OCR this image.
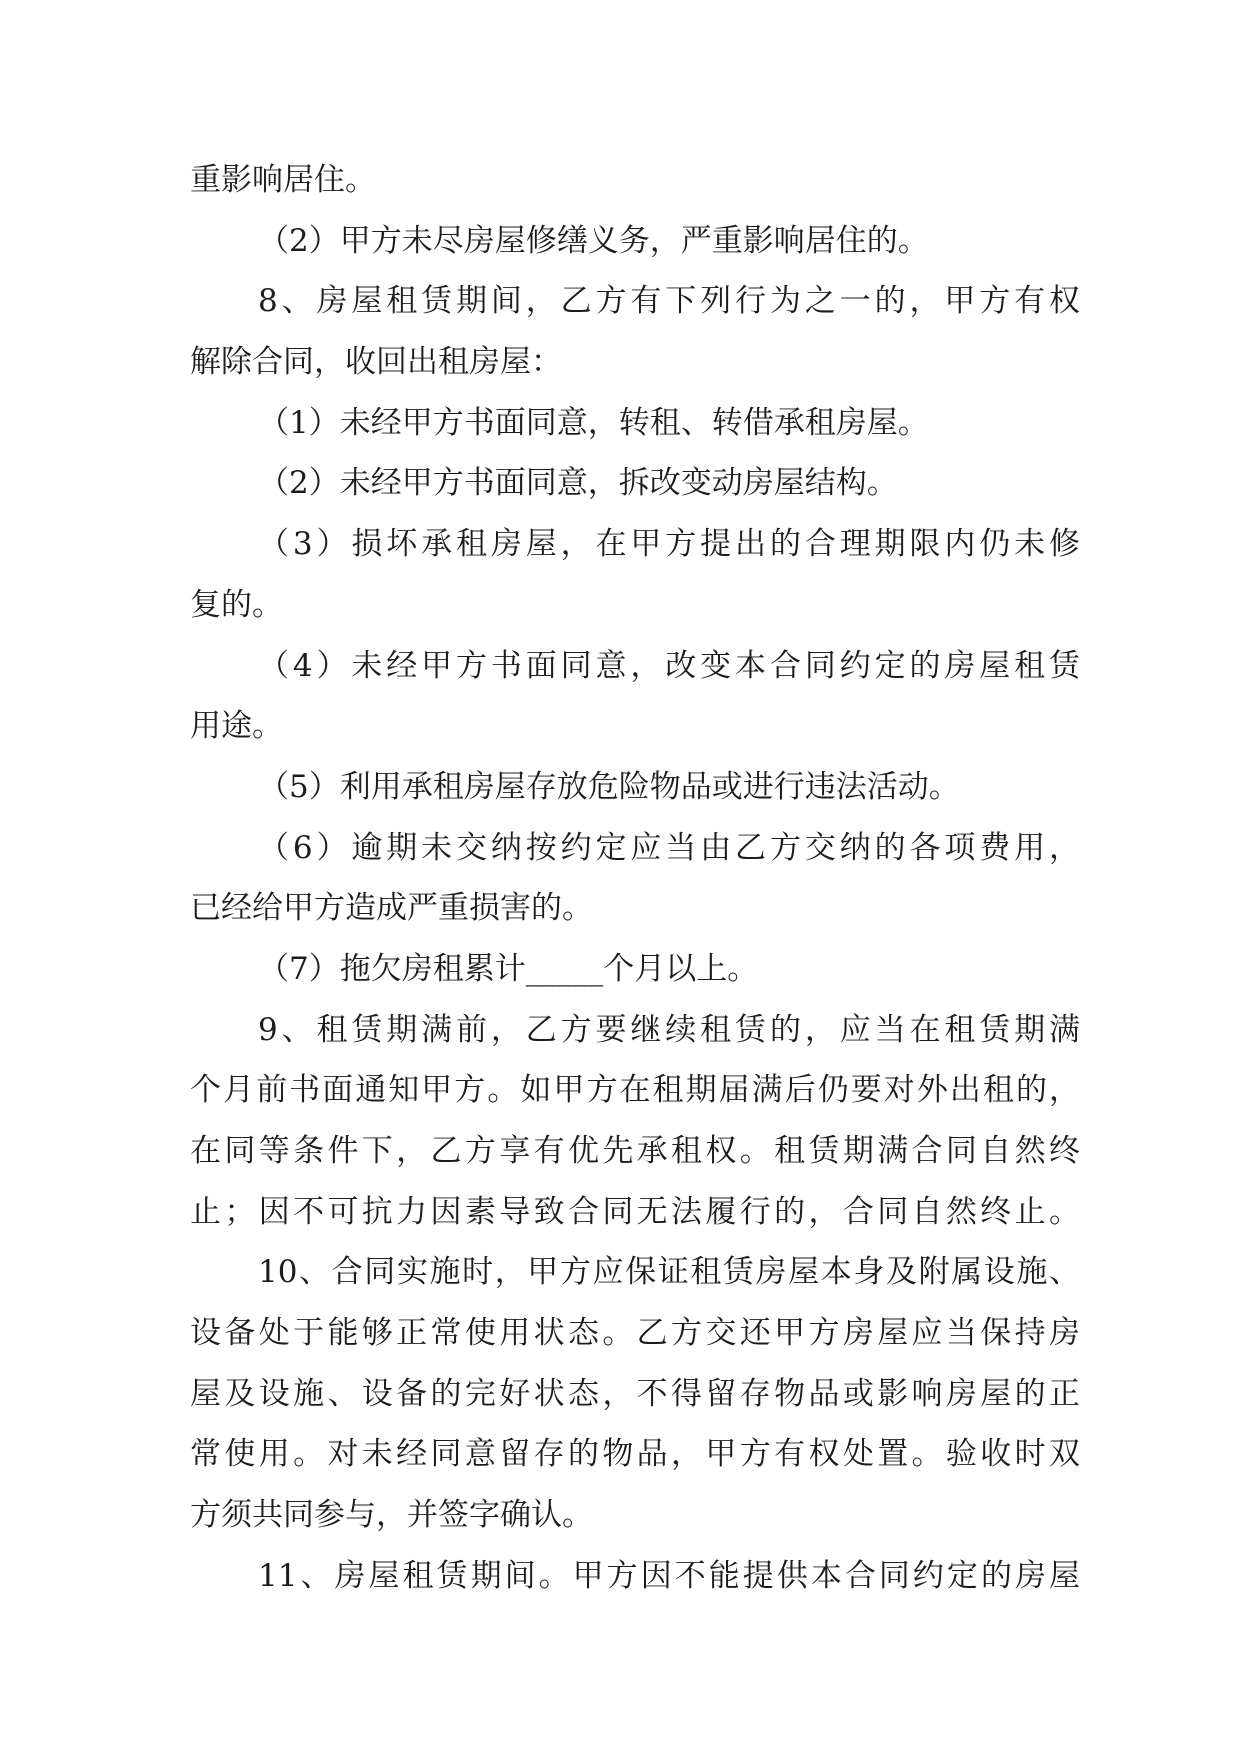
重影响居住。
（2）甲方未尽房屋修缮义务，严重影响居住的。
8、房屋租赁期间，乙方有下列行为之一的，甲方有权
解除合同，收回出租房屋：
（1）未经甲方书面同意，转租、转借承租房屋。
（2）未经甲方书面同意，拆改变动房屋结构。
（3）损坏承租房屋，在甲方提出的合理期限内仍未修
复的。
（4）未经甲方书面同意，改变本合同约定的房屋租赁
用途。
（5）利用承租房屋存放危险物品或进行违法活动。
（6）逾期未交纳按约定应当由乙方交纳的各项费用，
已经给甲方造成严重损害的。
（7）拖欠房租累计_____个月以上。
9、租赁期满前，乙方要继续租赁的，应当在租赁期满
个月前书面通知甲方。如甲方在租期届满后仍要对外出租的，
在同等条件下，乙方享有优先承租权。租赁期满合同自然终
止；因不可抗力因素导致合同无法履行的，合同自然终止。
10、合同实施时，甲方应保证租赁房屋本身及附属设施、
设备处于能够正常使用状态。乙方交还甲方房屋应当保持房
屋及设施、设备的完好状态，不得留存物品或影响房屋的正
常使用。对未经同意留存的物品，甲方有权处置。验收时双
方须共同参与，并签字确认。
11、房屋租赁期间。甲方因不能提供本合同约定的房屋
